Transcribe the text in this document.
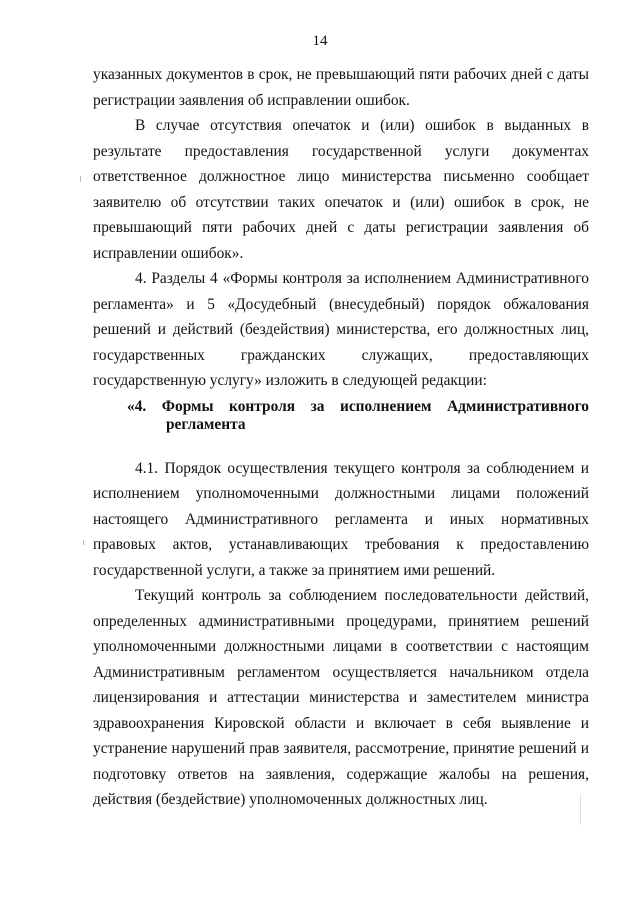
14

указанных документов в срок, не превышающий пяти рабочих дней с даты регистрации заявления об исправлении ошибок.

В случае отсутствия опечаток и (или) ошибок в выданных в результате предоставления государственной услуги документах ответственное должностное лицо министерства письменно сообщает заявителю об отсутствии таких опечаток и (или) ошибок в срок, не превышающий пяти рабочих дней с даты регистрации заявления об исправлении ошибок».

4. Разделы 4 «Формы контроля за исполнением Административного регламента» и 5 «Досудебный (внесудебный) порядок обжалования решений и действий (бездействия) министерства, его должностных лиц, государственных гражданских служащих, предоставляющих государственную услугу» изложить в следующей редакции:

«4. Формы контроля за исполнением Административного
регламента

4.1. Порядок осуществления текущего контроля за соблюдением и исполнением уполномоченными должностными лицами положений настоящего Административного регламента и иных нормативных правовых актов, устанавливающих требования к предоставлению государственной услуги, а также за принятием ими решений.

Текущий контроль за соблюдением последовательности действий, определенных административными процедурами, принятием решений уполномоченными должностными лицами в соответствии с настоящим Административным регламентом осуществляется начальником отдела лицензирования и аттестации министерства и заместителем министра здравоохранения Кировской области и включает в себя выявление и устранение нарушений прав заявителя, рассмотрение, принятие решений и подготовку ответов на заявления, содержащие жалобы на решения, действия (бездействие) уполномоченных должностных лиц.
